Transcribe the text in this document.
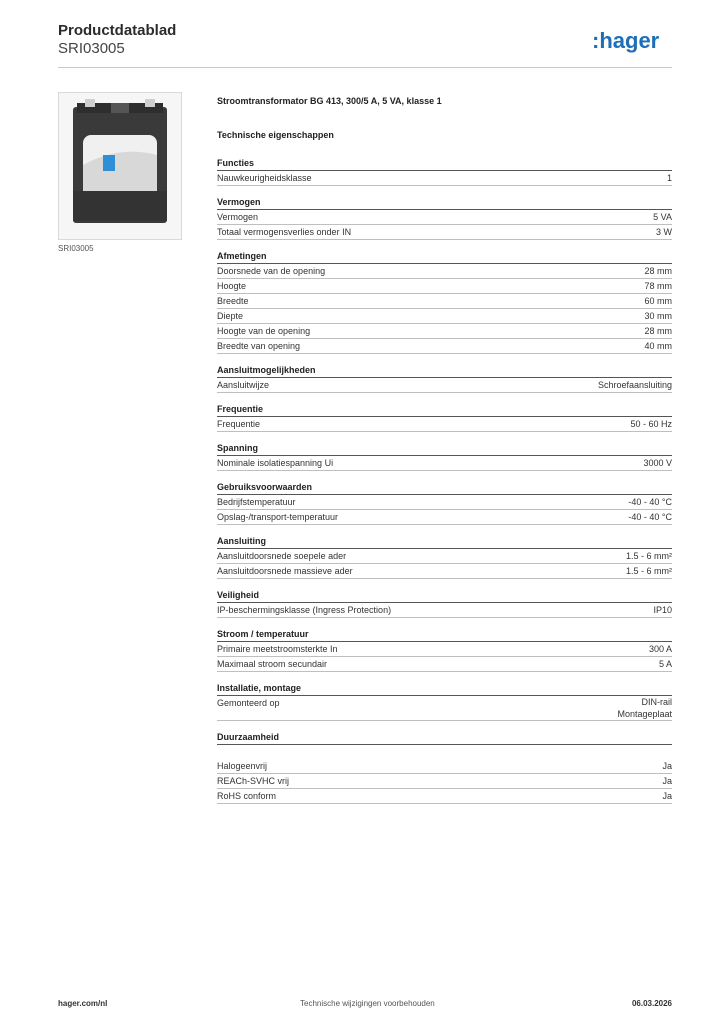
Productdatablad
SRI03005	:hager
SRI03005
Stroomtransformator BG 413, 300/5 A, 5 VA, klasse 1
Technische eigenschappen
Functies
Nauwkeurigheidsklasse	1
Vermogen
Vermogen	5 VA
Totaal vermogensverlies onder IN	3 W
Afmetingen
Doorsnede van de opening	28 mm
Hoogte	78 mm
Breedte	60 mm
Diepte	30 mm
Hoogte van de opening	28 mm
Breedte van opening	40 mm
Aansluitmogelijkheden
Aansluitwijze	Schroefaansluiting
Frequentie
Frequentie	50 - 60 Hz
Spanning
Nominale isolatiespanning Ui	3000 V
Gebruiksvoorwaarden
Bedrijfstemperatuur	-40 - 40 °C
Opslag-/transport-temperatuur	-40 - 40 °C
Aansluiting
Aansluitdoorsnede soepele ader	1.5 - 6 mm²
Aansluitdoorsnede massieve ader	1.5 - 6 mm²
Veiligheid
IP-beschermingsklasse (Ingress Protection)	IP10
Stroom / temperatuur
Primaire meetstroomsterkte In	300 A
Maximaal stroom secundair	5 A
Installatie, montage
Gemonteerd op	DIN-rail
Montageplaat
Duurzaamheid
Halogeenvrij	Ja
REACh-SVHC vrij	Ja
RoHS conform	Ja
hager.com/nl	Technische wijzigingen voorbehouden	06.03.2026
